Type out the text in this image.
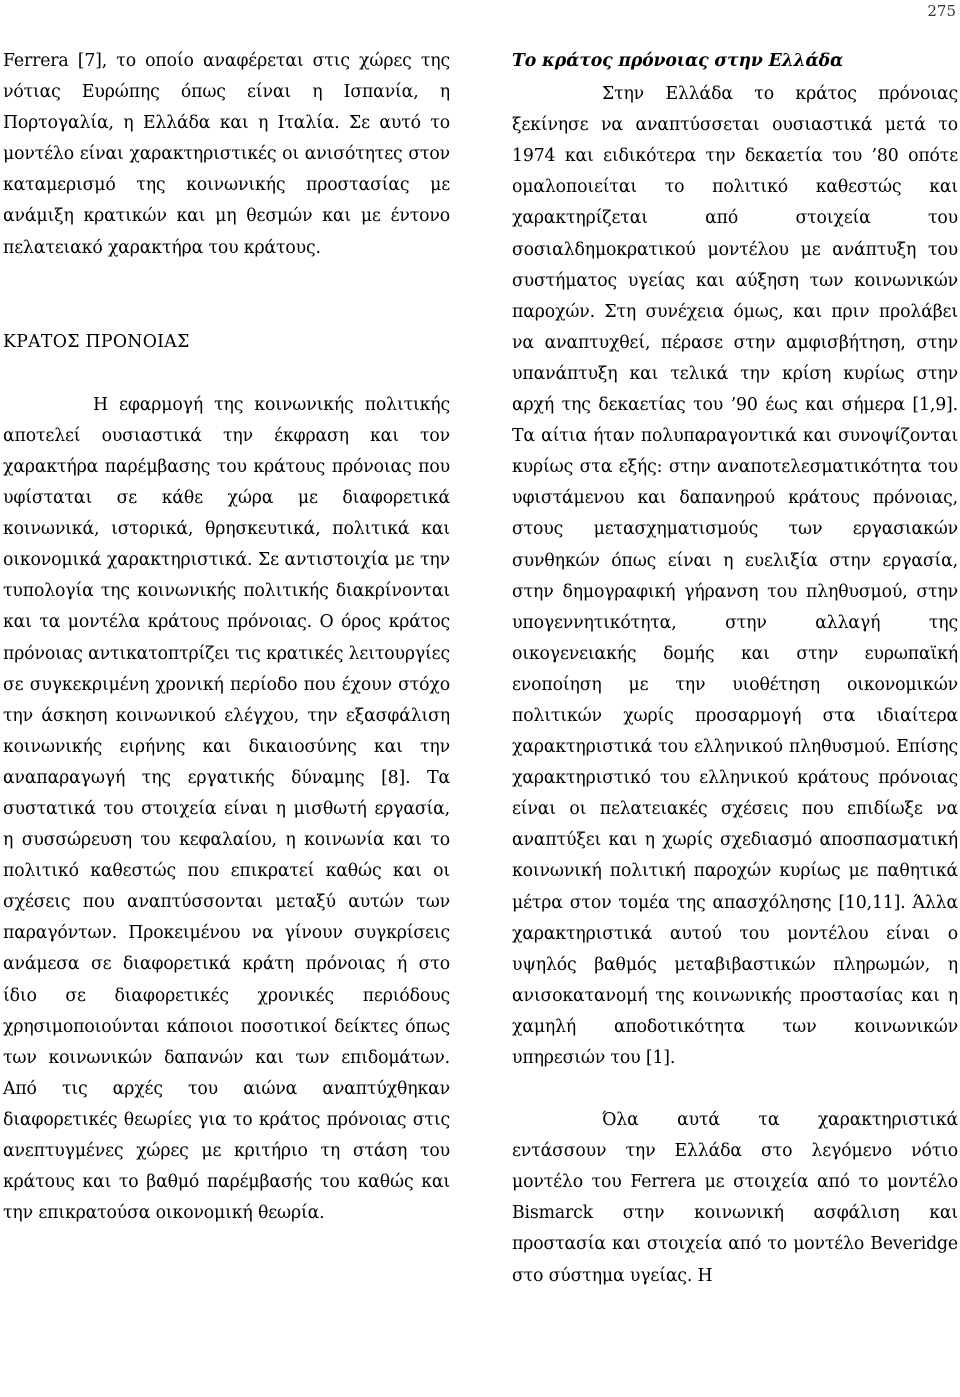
275

Ferrera [7], το οποίο αναφέρεται στις χώρες της νότιας Ευρώπης όπως είναι η Ισπανία, η Πορτογαλία, η Ελλάδα και η Ιταλία. Σε αυτό το μοντέλο είναι χαρακτηριστικές οι ανισότητες στον καταμερισμό της κοινωνικής προστασίας με ανάμιξη κρατικών και μη θεσμών και με έντονο πελατειακό χαρακτήρα του κράτους.

ΚΡΑΤΟΣ ΠΡΟΝΟΙΑΣ

Η εφαρμογή της κοινωνικής πολιτικής αποτελεί ουσιαστικά την έκφραση και τον χαρακτήρα παρέμβασης του κράτους πρόνοιας που υφίσταται σε κάθε χώρα με διαφορετικά κοινωνικά, ιστορικά, θρησκευτικά, πολιτικά και οικονομικά χαρακτηριστικά. Σε αντιστοιχία με την τυπολογία της κοινωνικής πολιτικής διακρίνονται και τα μοντέλα κράτους πρόνοιας. Ο όρος κράτος πρόνοιας αντικατοπτρίζει τις κρατικές λειτουργίες σε συγκεκριμένη χρονική περίοδο που έχουν στόχο την άσκηση κοινωνικού ελέγχου, την εξασφάλιση κοινωνικής ειρήνης και δικαιοσύνης και την αναπαραγωγή της εργατικής δύναμης [8]. Τα συστατικά του στοιχεία είναι η μισθωτή εργασία, η συσσώρευση του κεφαλαίου, η κοινωνία και το πολιτικό καθεστώς που επικρατεί καθώς και οι σχέσεις που αναπτύσσονται μεταξύ αυτών των παραγόντων. Προκειμένου να γίνουν συγκρίσεις ανάμεσα σε διαφορετικά κράτη πρόνοιας ή στο ίδιο σε διαφορετικές χρονικές περιόδους χρησιμοποιούνται κάποιοι ποσοτικοί δείκτες όπως των κοινωνικών δαπανών και των επιδομάτων. Από τις αρχές του αιώνα αναπτύχθηκαν διαφορετικές θεωρίες για το κράτος πρόνοιας στις ανεπτυγμένες χώρες με κριτήριο τη στάση του κράτους και το βαθμό παρέμβασής του καθώς και την επικρατούσα οικονομική θεωρία.

Το κράτος πρόνοιας στην Ελλάδα

Στην Ελλάδα το κράτος πρόνοιας ξεκίνησε να αναπτύσσεται ουσιαστικά μετά το 1974 και ειδικότερα την δεκαετία του ’80 οπότε ομαλοποιείται το πολιτικό καθεστώς και χαρακτηρίζεται από στοιχεία του σοσιαλδημοκρατικού μοντέλου με ανάπτυξη του συστήματος υγείας και αύξηση των κοινωνικών παροχών. Στη συνέχεια όμως, και πριν προλάβει να αναπτυχθεί, πέρασε στην αμφισβήτηση, στην υπανάπτυξη και τελικά την κρίση κυρίως στην αρχή της δεκαετίας του ’90 έως και σήμερα [1,9]. Τα αίτια ήταν πολυπαραγοντικά και συνοψίζονται κυρίως στα εξής: στην αναποτελεσματικότητα του υφιστάμενου και δαπανηρού κράτους πρόνοιας, στους μετασχηματισμούς των εργασιακών συνθηκών όπως είναι η ευελιξία στην εργασία, στην δημογραφική γήρανση του πληθυσμού, στην υπογεννητικότητα, στην αλλαγή της οικογενειακής δομής και στην ευρωπαϊκή ενοποίηση με την υιοθέτηση οικονομικών πολιτικών χωρίς προσαρμογή στα ιδιαίτερα χαρακτηριστικά του ελληνικού πληθυσμού. Επίσης χαρακτηριστικό του ελληνικού κράτους πρόνοιας είναι οι πελατειακές σχέσεις που επιδίωξε να αναπτύξει και η χωρίς σχεδιασμό αποσπασματική κοινωνική πολιτική παροχών κυρίως με παθητικά μέτρα στον τομέα της απασχόλησης [10,11]. Άλλα χαρακτηριστικά αυτού του μοντέλου είναι ο υψηλός βαθμός μεταβιβαστικών πληρωμών, η ανισοκατανομή της κοινωνικής προστασίας και η χαμηλή αποδοτικότητα των κοινωνικών υπηρεσιών του [1].

Όλα αυτά τα χαρακτηριστικά εντάσσουν την Ελλάδα στο λεγόμενο νότιο μοντέλο του Ferrera με στοιχεία από το μοντέλο Bismarck στην κοινωνική ασφάλιση και προστασία και στοιχεία από το μοντέλο Beveridge στο σύστημα υγείας. Η
